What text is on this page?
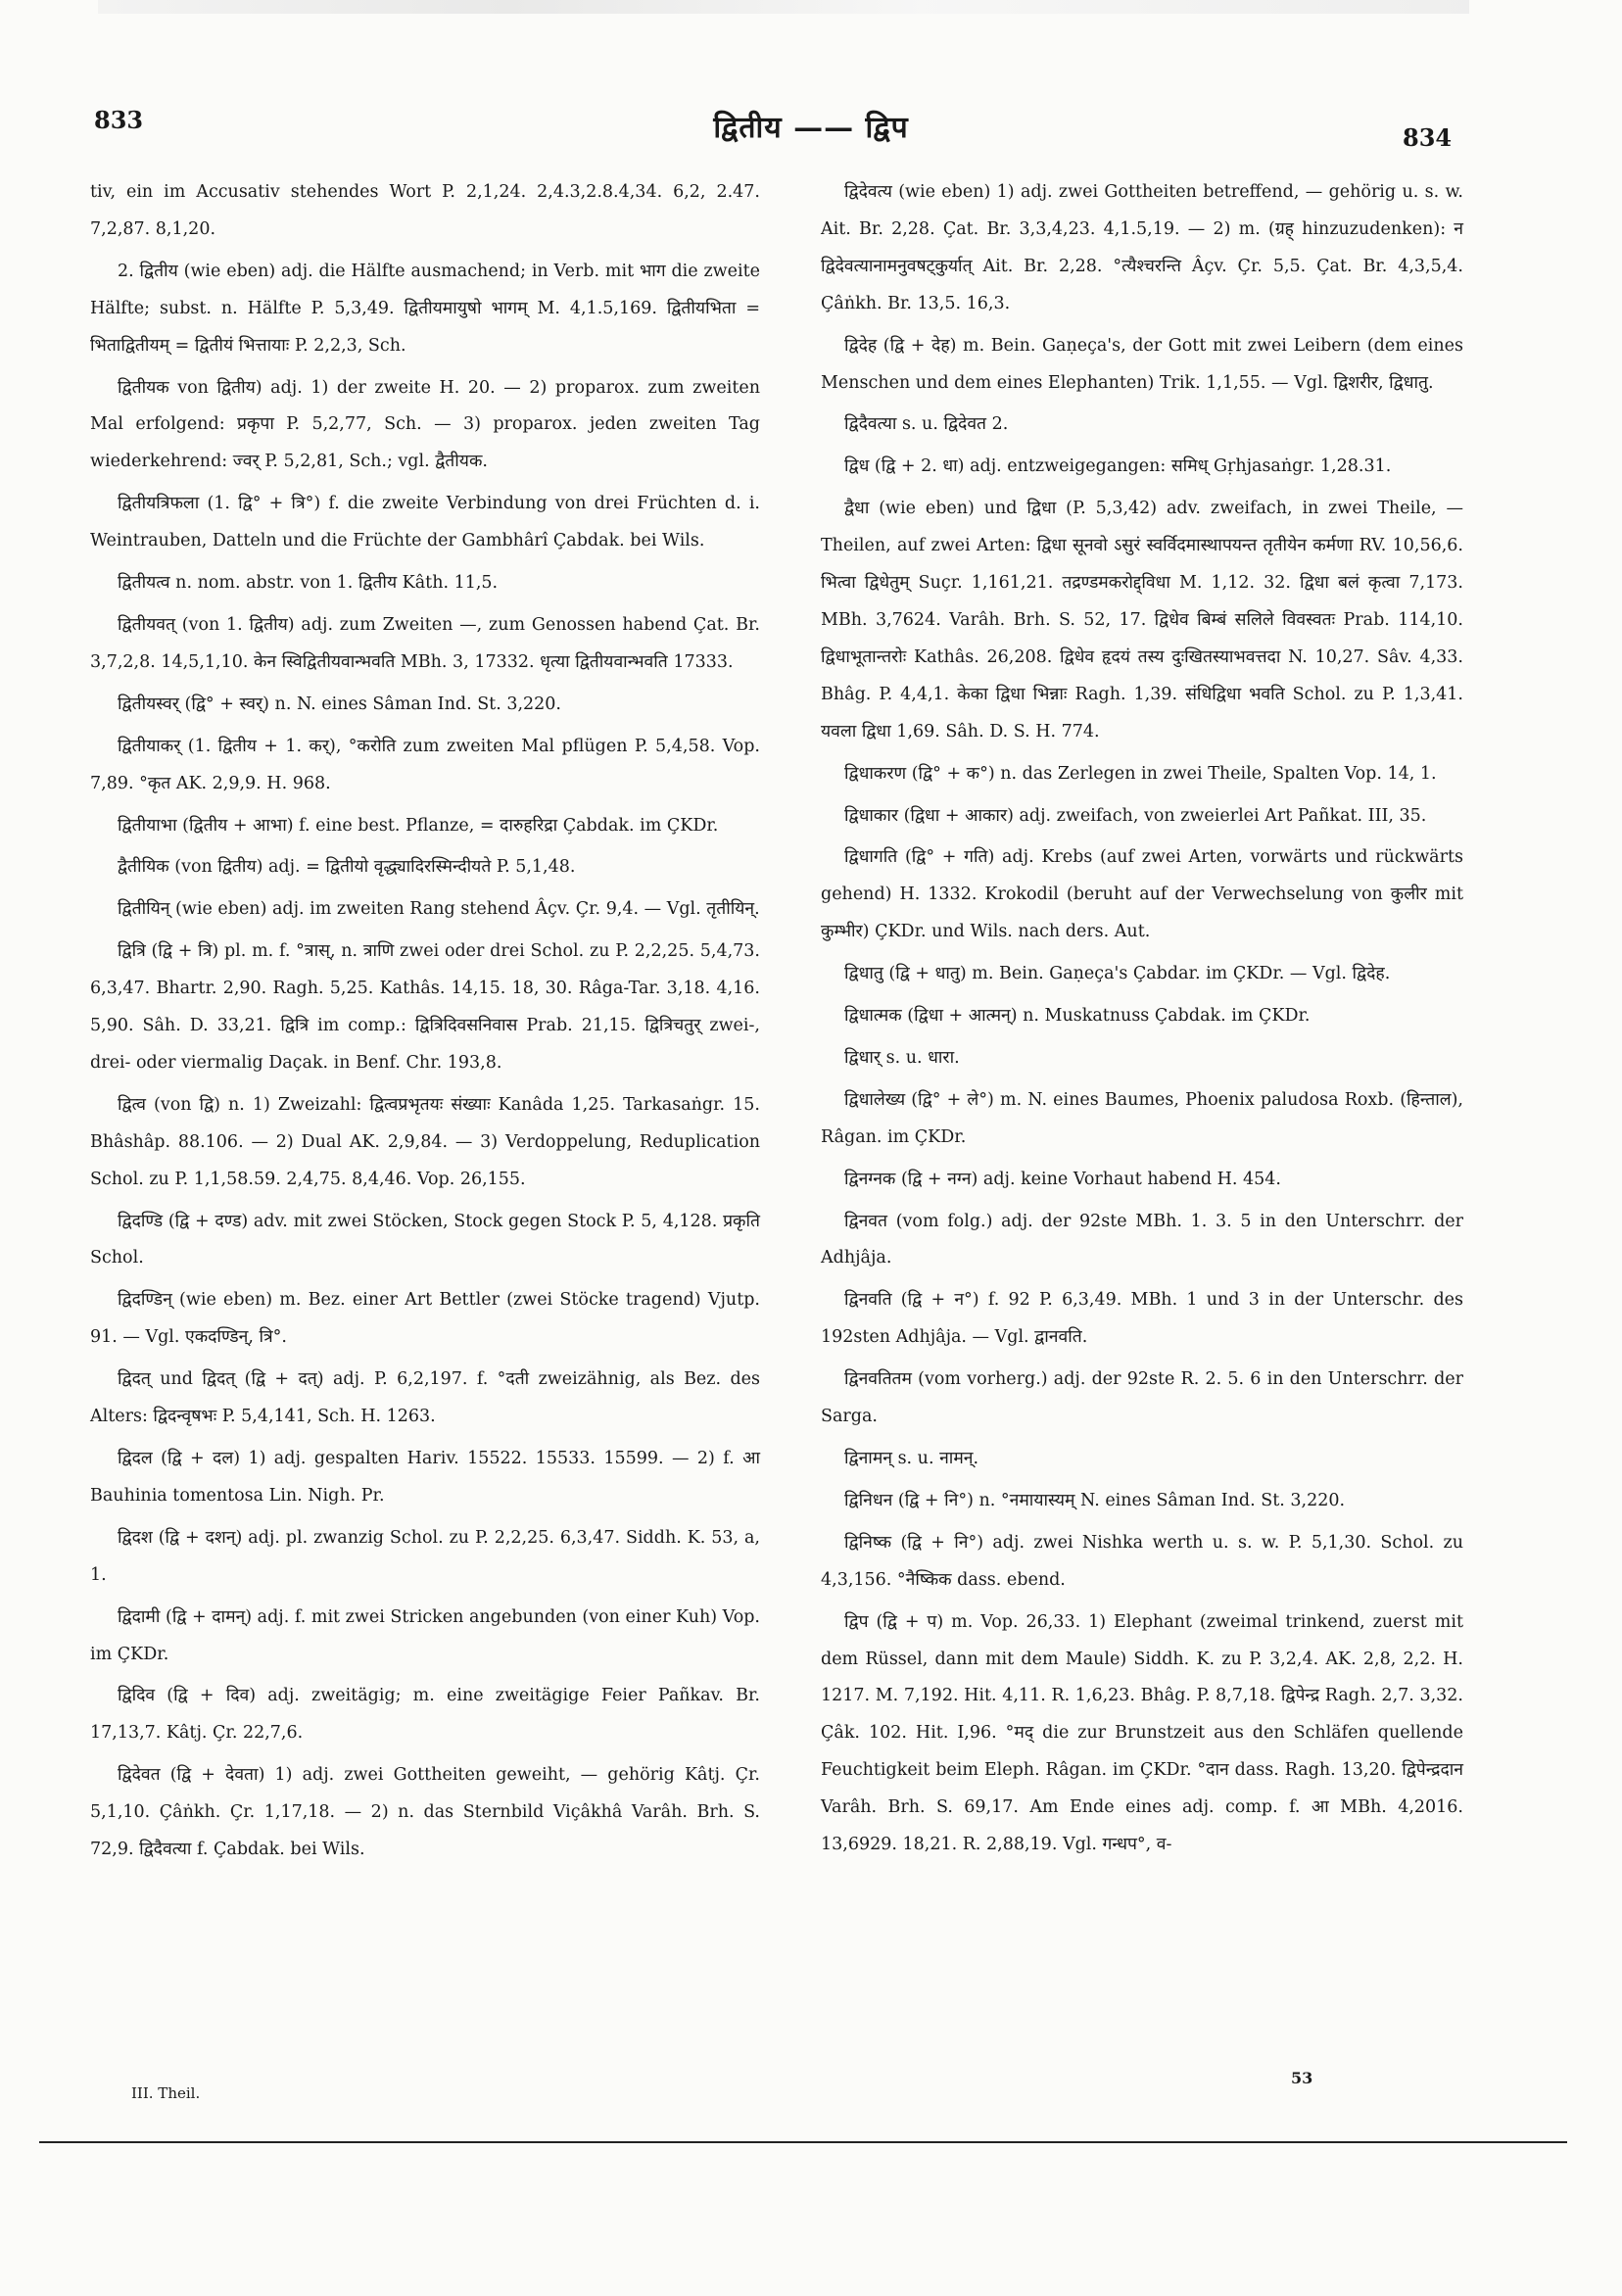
833	द्वितीय —— द्विप	834

tiv, ein im Accusativ stehendes Wort P. 2,1,24. 2,4.3,2.8.4,34. 6,2, 2.47. 7,2,87. 8,1,20.

2. द्वितीय (wie eben) adj. die Hälfte ausmachend; in Verb. mit भाग die zweite Hälfte; subst. n. Hälfte P. 5,3,49. द्वितीयमायुषो भागम् M. 4,1.5,169. द्वितीयभिता = भिताद्वितीयम् = द्वितीयं भित्तायाः P. 2,2,3, Sch.

द्वितीयक von द्वितीय) adj. 1) der zweite H. 20. — 2) proparox. zum zweiten Mal erfolgend: प्रकृपा P. 5,2,77, Sch. — 3) proparox. jeden zweiten Tag wiederkehrend: ज्वर् P. 5,2,81, Sch.; vgl. द्वैतीयक.

द्वितीयत्रिफला (1. द्वि° + त्रि°) f. die zweite Verbindung von drei Früchten d. i. Weintrauben, Datteln und die Früchte der Gambhârî Çabdak. bei Wils.

द्वितीयत्व n. nom. abstr. von 1. द्वितीय Kâth. 11,5.

द्वितीयवत् (von 1. द्वितीय) adj. zum Zweiten —, zum Genossen habend Çat. Br. 3,7,2,8. 14,5,1,10. केन स्विद्वितीयवान्भवति MBh. 3, 17332. धृत्या द्वितीयवान्भवति 17333.

द्वितीयस्वर् (द्वि° + स्वर्) n. N. eines Sâman Ind. St. 3,220.

द्वितीयाकर् (1. द्वितीय + 1. कर्), °करोति zum zweiten Mal pflügen P. 5,4,58. Vop. 7,89. °कृत AK. 2,9,9. H. 968.

द्वितीयाभा (द्वितीय + आभा) f. eine best. Pflanze, = दारुहरिद्रा Çabdak. im ÇKDr.

द्वैतीयिक (von द्वितीय) adj. = द्वितीयो वृद्ध्यादिरस्मिन्दीयते P. 5,1,48.

द्वितीयिन् (wie eben) adj. im zweiten Rang stehend Âçv. Çr. 9,4. — Vgl. तृतीयिन्.

द्वित्रि (द्वि + त्रि) pl. m. f. °त्रास्, n. त्राणि zwei oder drei Schol. zu P. 2,2,25. 5,4,73. 6,3,47. Bhartr. 2,90. Ragh. 5,25. Kathâs. 14,15. 18, 30. Râga-Tar. 3,18. 4,16. 5,90. Sâh. D. 33,21. द्वित्रि im comp.: द्वित्रिदिवसनिवास Prab. 21,15. द्वित्रिचतुर् zwei-, drei- oder viermalig Daçak. in Benf. Chr. 193,8.

द्वित्व (von द्वि) n. 1) Zweizahl: द्वित्वप्रभृतयः संख्याः Kanâda 1,25. Tarkasaṅgr. 15. Bhâshâp. 88.106. — 2) Dual AK. 2,9,84. — 3) Verdoppelung, Reduplication Schol. zu P. 1,1,58.59. 2,4,75. 8,4,46. Vop. 26,155.

द्विदण्डि (द्वि + दण्ड) adv. mit zwei Stöcken, Stock gegen Stock P. 5, 4,128. प्रकृति Schol.

द्विदण्डिन् (wie eben) m. Bez. einer Art Bettler (zwei Stöcke tragend) Vjutp. 91. — Vgl. एकदण्डिन्, त्रि°.

द्विदत् und द्विदत् (द्वि + दत्) adj. P. 6,2,197. f. °दती zweizähnig, als Bez. des Alters: द्विदन्वृषभः P. 5,4,141, Sch. H. 1263.

द्विदल (द्वि + दल) 1) adj. gespalten Hariv. 15522. 15533. 15599. — 2) f. आ Bauhinia tomentosa Lin. Nigh. Pr.

द्विदश (द्वि + दशन्) adj. pl. zwanzig Schol. zu P. 2,2,25. 6,3,47. Siddh. K. 53, a, 1.

द्विदामी (द्वि + दामन्) adj. f. mit zwei Stricken angebunden (von einer Kuh) Vop. im ÇKDr.

द्विदिव (द्वि + दिव) adj. zweitägig; m. eine zweitägige Feier Pañkav. Br. 17,13,7. Kâtj. Çr. 22,7,6.

द्विदेवत (द्वि + देवता) 1) adj. zwei Gottheiten geweiht, — gehörig Kâtj. Çr. 5,1,10. Çâṅkh. Çr. 1,17,18. — 2) n. das Sternbild Viçâkhâ Varâh. Brh. S. 72,9. द्विदैवत्या f. Çabdak. bei Wils.

द्विदेवत्य (wie eben) 1) adj. zwei Gottheiten betreffend, — gehörig u. s. w. Ait. Br. 2,28. Çat. Br. 3,3,4,23. 4,1.5,19. — 2) m. (ग्रह् hinzuzudenken): न द्विदेवत्यानामनुवषट्कुर्यात् Ait. Br. 2,28. °त्यैश्चरन्ति Âçv. Çr. 5,5. Çat. Br. 4,3,5,4. Çâṅkh. Br. 13,5. 16,3.

द्विदेह (द्वि + देह) m. Bein. Gaṇeça's, der Gott mit zwei Leibern (dem eines Menschen und dem eines Elephanten) Trik. 1,1,55. — Vgl. द्विशरीर, द्विधातु.

द्विदैवत्या s. u. द्विदेवत 2.

द्विध (द्वि + 2. धा) adj. entzweigegangen: समिध् Gṛhjasaṅgr. 1,28.31.

द्वैधा (wie eben) und द्विधा (P. 5,3,42) adv. zweifach, in zwei Theile, — Theilen, auf zwei Arten: द्विधा सूनवो ऽसुरं स्वर्विदमास्थापयन्त तृतीयेन कर्मणा RV. 10,56,6. भित्वा द्विधेतुम् Suçr. 1,161,21. तद्रण्डमकरोद्द्विधा M. 1,12. 32. द्विधा बलं कृत्वा 7,173. MBh. 3,7624. Varâh. Brh. S. 52, 17. द्विधेव बिम्बं सलिले विवस्वतः Prab. 114,10. द्विधाभूतान्तरोः Kathâs. 26,208. द्विधेव हृदयं तस्य दुःखितस्याभवत्तदा N. 10,27. Sâv. 4,33. Bhâg. P. 4,4,1. केका द्विधा भिन्नाः Ragh. 1,39. संधिद्विधा भवति Schol. zu P. 1,3,41. यवला द्विधा 1,69. Sâh. D. S. H. 774.

द्विधाकरण (द्वि° + क°) n. das Zerlegen in zwei Theile, Spalten Vop. 14, 1.

द्विधाकार (द्विधा + आकार) adj. zweifach, von zweierlei Art Pañkat. III, 35.

द्विधागति (द्वि° + गति) adj. Krebs (auf zwei Arten, vorwärts und rückwärts gehend) H. 1332. Krokodil (beruht auf der Verwechselung von कुलीर mit कुम्भीर) ÇKDr. und Wils. nach ders. Aut.

द्विधातु (द्वि + धातु) m. Bein. Gaṇeça's Çabdar. im ÇKDr. — Vgl. द्विदेह.

द्विधात्मक (द्विधा + आत्मन्) n. Muskatnuss Çabdak. im ÇKDr.

द्विधार् s. u. धारा.

द्विधालेख्य (द्वि° + ले°) m. N. eines Baumes, Phoenix paludosa Roxb. (हिन्ताल), Râgan. im ÇKDr.

द्विनग्नक (द्वि + नग्न) adj. keine Vorhaut habend H. 454.

द्विनवत (vom folg.) adj. der 92ste MBh. 1. 3. 5 in den Unterschrr. der Adhjâja.

द्विनवति (द्वि + न°) f. 92 P. 6,3,49. MBh. 1 und 3 in der Unterschr. des 192sten Adhjâja. — Vgl. द्वानवति.

द्विनवतितम (vom vorherg.) adj. der 92ste R. 2. 5. 6 in den Unterschrr. der Sarga.

द्विनामन् s. u. नामन्.

द्विनिधन (द्वि + नि°) n. °नमायास्यम् N. eines Sâman Ind. St. 3,220.

द्विनिष्क (द्वि + नि°) adj. zwei Nishka werth u. s. w. P. 5,1,30. Schol. zu 4,3,156. °नैष्किक dass. ebend.

द्विप (द्वि + प) m. Vop. 26,33. 1) Elephant (zweimal trinkend, zuerst mit dem Rüssel, dann mit dem Maule) Siddh. K. zu P. 3,2,4. AK. 2,8, 2,2. H. 1217. M. 7,192. Hit. 4,11. R. 1,6,23. Bhâg. P. 8,7,18. द्विपेन्द्र Ragh. 2,7. 3,32. Çâk. 102. Hit. I,96. °मद् die zur Brunstzeit aus den Schläfen quellende Feuchtigkeit beim Eleph. Râgan. im ÇKDr. °दान dass. Ragh. 13,20. द्विपेन्द्रदान Varâh. Brh. S. 69,17. Am Ende eines adj. comp. f. आ MBh. 4,2016. 13,6929. 18,21. R. 2,88,19. Vgl. गन्धप°, व-

III. Theil.
53
